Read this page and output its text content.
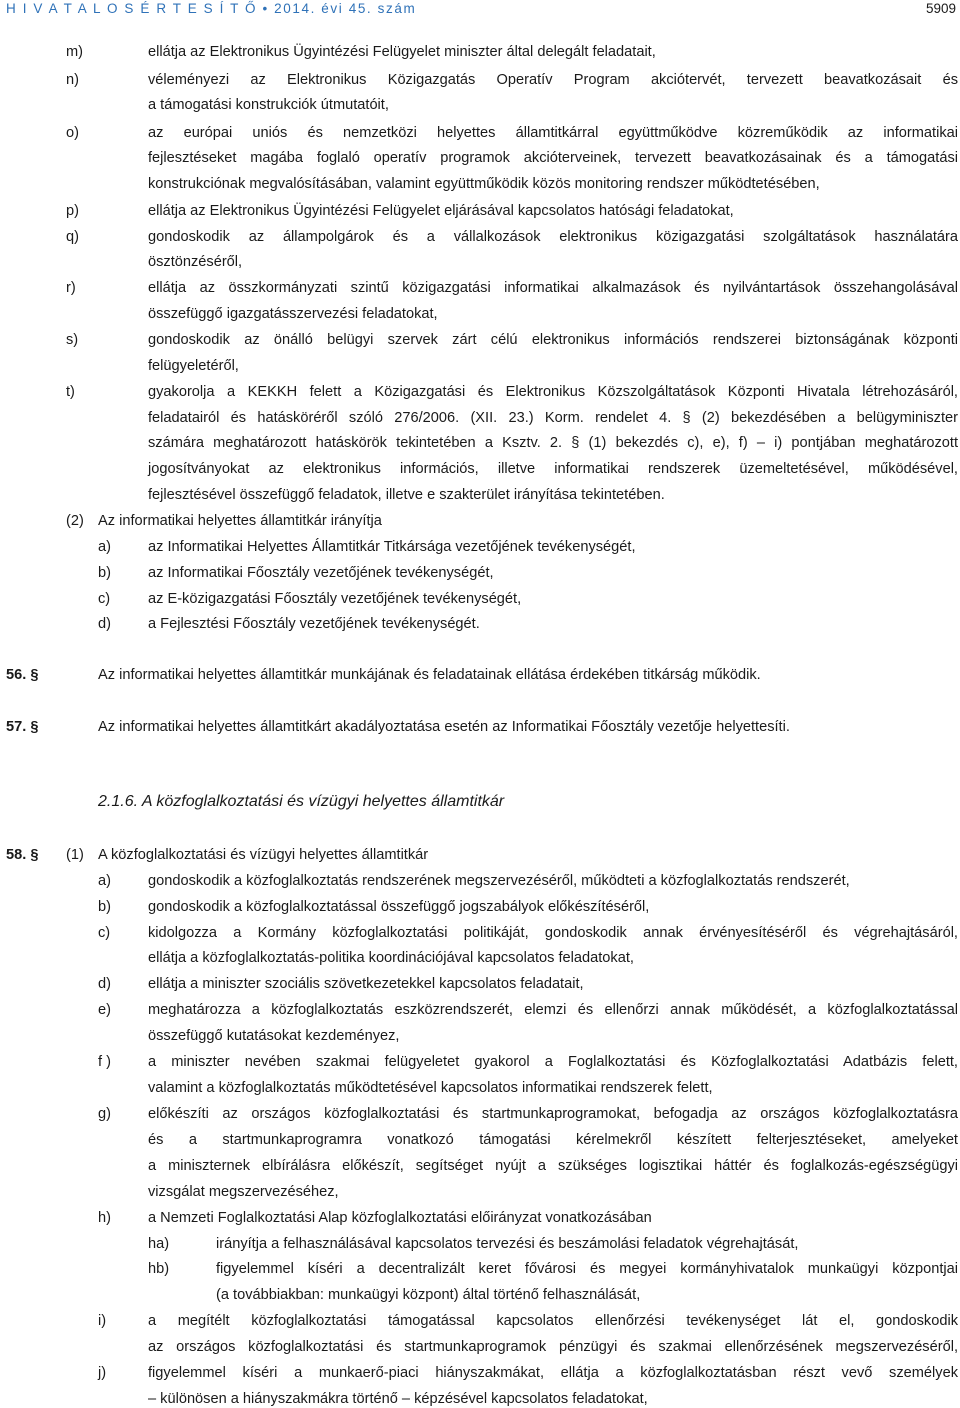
H I V A T A L O S É R T E S Í T Ő • 2014. évi 45. szám	5909
m)	ellátja az Elektronikus Ügyintézési Felügyelet miniszter által delegált feladatait,
n)	véleményezi az Elektronikus Közigazgatás Operatív Program akciótervét, tervezett beavatkozásait és
a támogatási konstrukciók útmutatóit,
o)	az európai uniós és nemzetközi helyettes államtitkárral együttműködve közreműködik az informatikai
fejlesztéseket magába foglaló operatív programok akcióterveinek, tervezett beavatkozásainak és a támogatási
konstrukciónak megvalósításában, valamint együttműködik közös monitoring rendszer működtetésében,
p)	ellátja az Elektronikus Ügyintézési Felügyelet eljárásával kapcsolatos hatósági feladatokat,
q)	gondoskodik az állampolgárok és a vállalkozások elektronikus közigazgatási szolgáltatások használatára
ösztönzéséről,
r)	ellátja az összkormányzati szintű közigazgatási informatikai alkalmazások és nyilvántartások összehangolásával
összefüggő igazgatásszervezési feladatokat,
s)	gondoskodik az önálló belügyi szervek zárt célú elektronikus információs rendszerei biztonságának központi
felügyeletéről,
t)	gyakorolja a KEKKH felett a Közigazgatási és Elektronikus Közszolgáltatások Központi Hivatala létrehozásáról,
feladatairól és hatásköréről szóló 276/2006. (XII. 23.) Korm. rendelet 4. § (2) bekezdésében a belügyminiszter
számára meghatározott hatáskörök tekintetében a Ksztv. 2. § (1) bekezdés c), e), f) – i) pontjában meghatározott
jogosítványokat az elektronikus információs, illetve informatikai rendszerek üzemeltetésével, működésével,
fejlesztésével összefüggő feladatok, illetve e szakterület irányítása tekintetében.
(2) Az informatikai helyettes államtitkár irányítja
a)	az Informatikai Helyettes Államtitkár Titkársága vezetőjének tevékenységét,
b)	az Informatikai Főosztály vezetőjének tevékenységét,
c)	az E-közigazgatási Főosztály vezetőjének tevékenységét,
d)	a Fejlesztési Főosztály vezetőjének tevékenységét.
56. §	Az informatikai helyettes államtitkár munkájának és feladatainak ellátása érdekében titkárság működik.
57. §	Az informatikai helyettes államtitkárt akadályoztatása esetén az Informatikai Főosztály vezetője helyettesíti.
58. § (1) A közfoglalkoztatási és vízügyi helyettes államtitkár
a)	gondoskodik a közfoglalkoztatás rendszerének megszervezéséről, működteti a közfoglalkoztatás rendszerét,
b)	gondoskodik a közfoglalkoztatással összefüggő jogszabályok előkészítéséről,
c)	kidolgozza a Kormány közfoglalkoztatási politikáját, gondoskodik annak érvényesítéséről és végrehajtásáról,
ellátja a közfoglalkoztatás-politika koordinációjával kapcsolatos feladatokat,
d)	ellátja a miniszter szociális szövetkezetekkel kapcsolatos feladatait,
e)	meghatározza a közfoglalkoztatás eszközrendszerét, elemzi és ellenőrzi annak működését, a közfoglalkoztatással
összefüggő kutatásokat kezdeményez,
f )	a miniszter nevében szakmai felügyeletet gyakorol a Foglalkoztatási és Közfoglalkoztatási Adatbázis felett,
valamint a közfoglalkoztatás működtetésével kapcsolatos informatikai rendszerek felett,
g)	előkészíti az országos közfoglalkoztatási és startmunkaprogramokat, befogadja az országos közfoglalkoztatásra
és a startmunkaprogramra vonatkozó támogatási kérelmekről készített felterjesztéseket, amelyeket
a miniszternek elbírálásra előkészít, segítséget nyújt a szükséges logisztikai háttér és foglalkozás-egészségügyi
vizsgálat megszervezéséhez,
h)	a Nemzeti Foglalkoztatási Alap közfoglalkoztatási előirányzat vonatkozásában
ha)	irányítja a felhasználásával kapcsolatos tervezési és beszámolási feladatok végrehajtását,
hb)	figyelemmel kíséri a decentralizált keret fővárosi és megyei kormányhivatalok munkaügyi központjai
(a továbbiakban: munkaügyi központ) által történő felhasználását,
i)	a megítélt közfoglalkoztatási támogatással kapcsolatos ellenőrzési tevékenységet lát el, gondoskodik
az országos közfoglalkoztatási és startmunkaprogramok pénzügyi és szakmai ellenőrzésének megszervezéséről,
j)	figyelemmel kíséri a munkaerő-piaci hiányszakmákat, ellátja a közfoglalkoztatásban részt vevő személyek
– különösen a hiányszakmákra történő – képzésével kapcsolatos feladatokat,
2.1.6. A közfoglalkoztatási és vízügyi helyettes államtitkár
